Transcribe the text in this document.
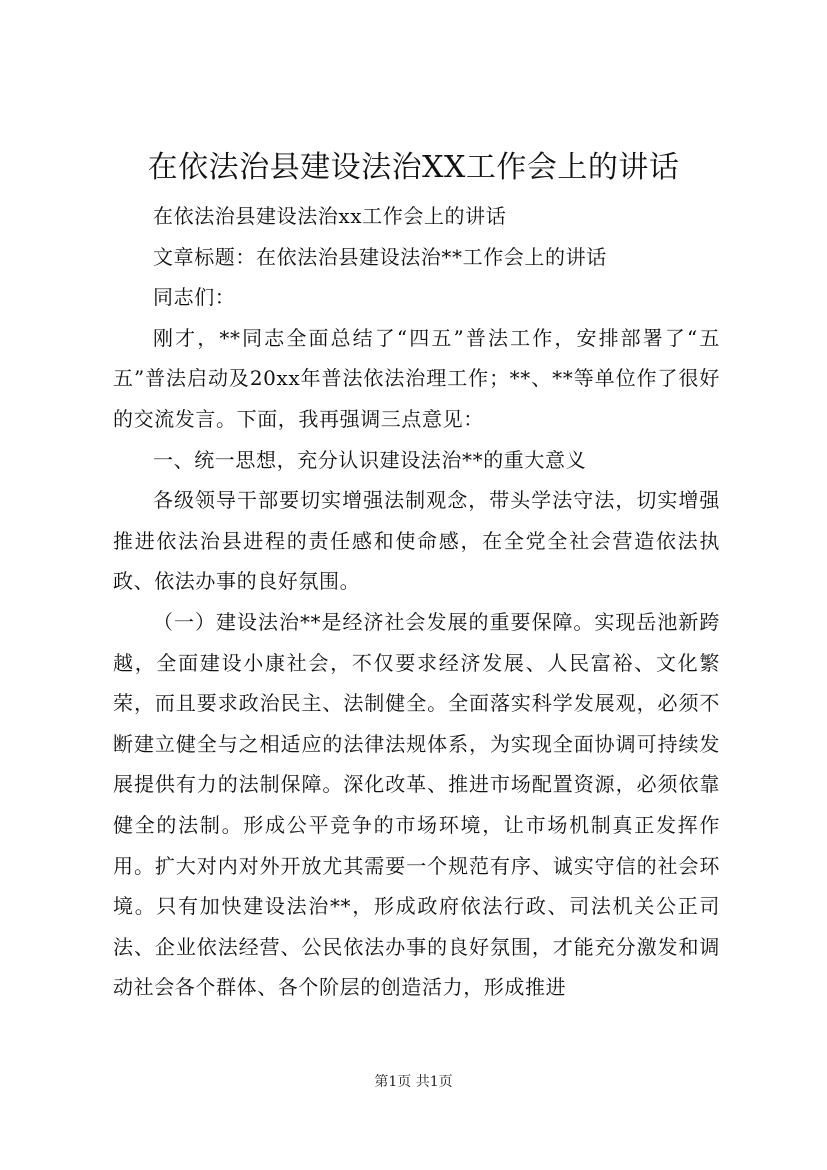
在依法治县建设法治XX工作会上的讲话

在依法治县建设法治xx工作会上的讲话

文章标题：在依法治县建设法治**工作会上的讲话

同志们：

刚才，**同志全面总结了“四五”普法工作，安排部署了“五五”普法启动及20xx年普法依法治理工作；**、**等单位作了很好的交流发言。下面，我再强调三点意见：

一、统一思想，充分认识建设法治**的重大意义

各级领导干部要切实增强法制观念，带头学法守法，切实增强推进依法治县进程的责任感和使命感，在全党全社会营造依法执政、依法办事的良好氛围。

（一）建设法治**是经济社会发展的重要保障。实现岳池新跨越，全面建设小康社会，不仅要求经济发展、人民富裕、文化繁荣，而且要求政治民主、法制健全。全面落实科学发展观，必须不断建立健全与之相适应的法律法规体系，为实现全面协调可持续发展提供有力的法制保障。深化改革、推进市场配置资源，必须依靠健全的法制。形成公平竞争的市场环境，让市场机制真正发挥作用。扩大对内对外开放尤其需要一个规范有序、诚实守信的社会环境。只有加快建设法治**，形成政府依法行政、司法机关公正司法、企业依法经营、公民依法办事的良好氛围，才能充分激发和调动社会各个群体、各个阶层的创造活力，形成推进

第1页 共1页
